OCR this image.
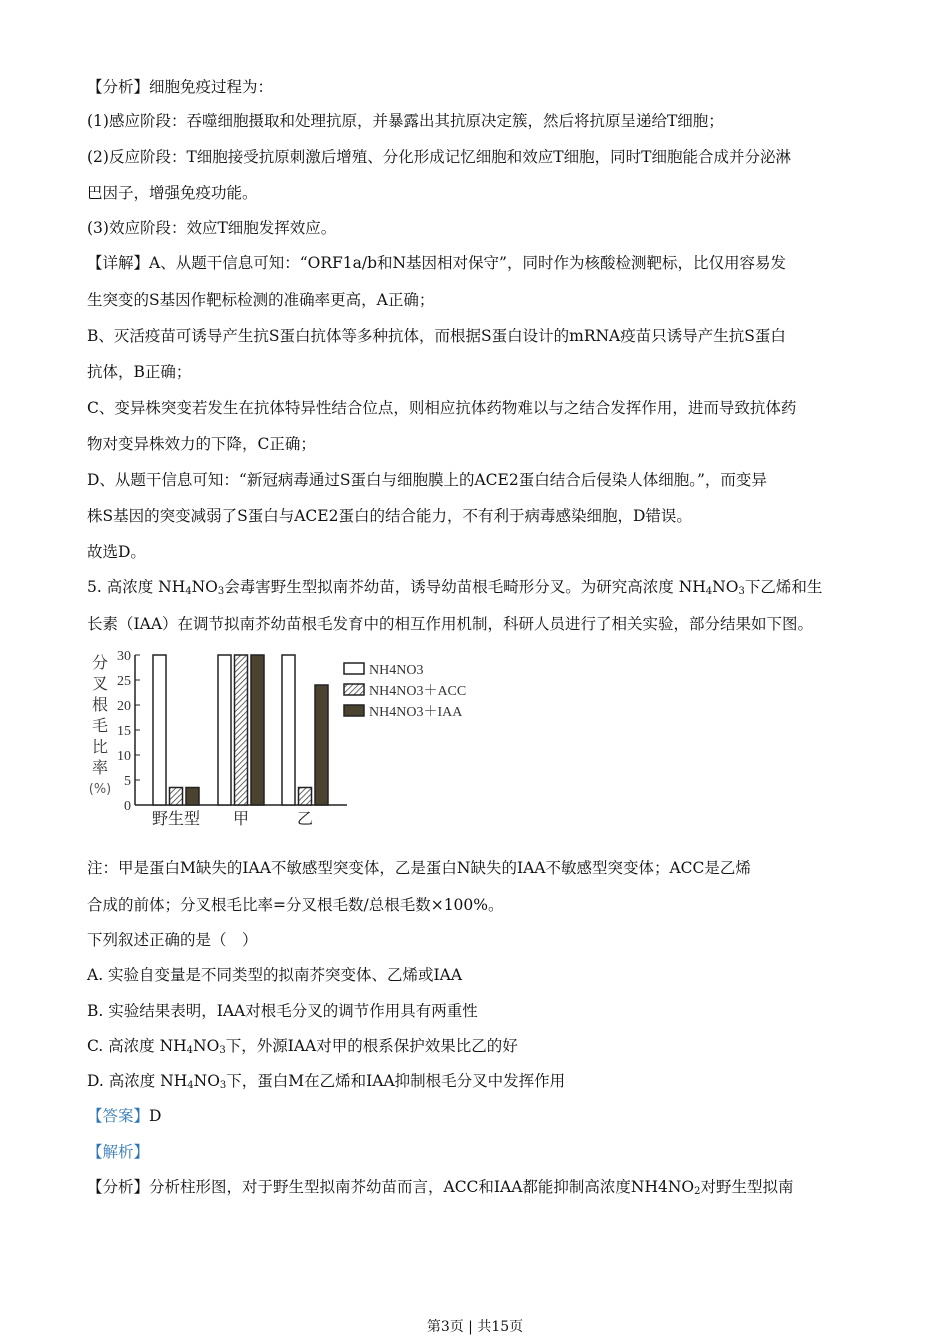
【分析】细胞免疫过程为：
(1)感应阶段：吞噬细胞摄取和处理抗原，并暴露出其抗原决定簇，然后将抗原呈递给T细胞；
(2)反应阶段：T细胞接受抗原刺激后增殖、分化形成记忆细胞和效应T细胞，同时T细胞能合成并分泌淋
巴因子，增强免疫功能。
(3)效应阶段：效应T细胞发挥效应。
【详解】A、从题干信息可知：“ORF1a/b和N基因相对保守”，同时作为核酸检测靶标，比仅用容易发
生突变的S基因作靶标检测的准确率更高，A正确；
B、灭活疫苗可诱导产生抗S蛋白抗体等多种抗体，而根据S蛋白设计的mRNA疫苗只诱导产生抗S蛋白
抗体，B正确；
C、变异株突变若发生在抗体特异性结合位点，则相应抗体药物难以与之结合发挥作用，进而导致抗体药
物对变异株效力的下降，C正确；
D、从题干信息可知：“新冠病毒通过S蛋白与细胞膜上的ACE2蛋白结合后侵染人体细胞。”，而变异
株S基因的突变减弱了S蛋白与ACE2蛋白的结合能力，不有利于病毒感染细胞，D错误。
故选D。
5. 高浓度 $NH_4NO_3$会毒害野生型拟南芥幼苗，诱导幼苗根毛畸形分叉。为研究高浓度 $NH_4NO_3$下乙烯和生
长素（IAA）在调节拟南芥幼苗根毛发育中的相互作用机制，科研人员进行了相关实验，部分结果如下图。
0
5
10
15
20
25
30
分
叉
根
毛
比
率
(%)
野生型 甲	乙
NH4NO3
NH4NO3＋ACC
NH4NO3＋IAA
注：甲是蛋白M缺失的IAA不敏感型突变体，乙是蛋白N缺失的IAA不敏感型突变体；ACC是乙烯
合成的前体；分叉根毛比率=分叉根毛数/总根毛数×100%。
下列叙述正确的是（　）
A. 实验自变量是不同类型的拟南芥突变体、乙烯或IAA
B. 实验结果表明，IAA对根毛分叉的调节作用具有两重性
C. 高浓度 $NH_4NO_3$下，外源IAA对甲的根系保护效果比乙的好
D. 高浓度 $NH_4NO_3$下，蛋白M在乙烯和IAA抑制根毛分叉中发挥作用
【答案】D
【解析】
【分析】分析柱形图，对于野生型拟南芥幼苗而言，ACC和IAA都能抑制高浓度$NH4NO_2$对野生型拟南
第3页 | 共15页
